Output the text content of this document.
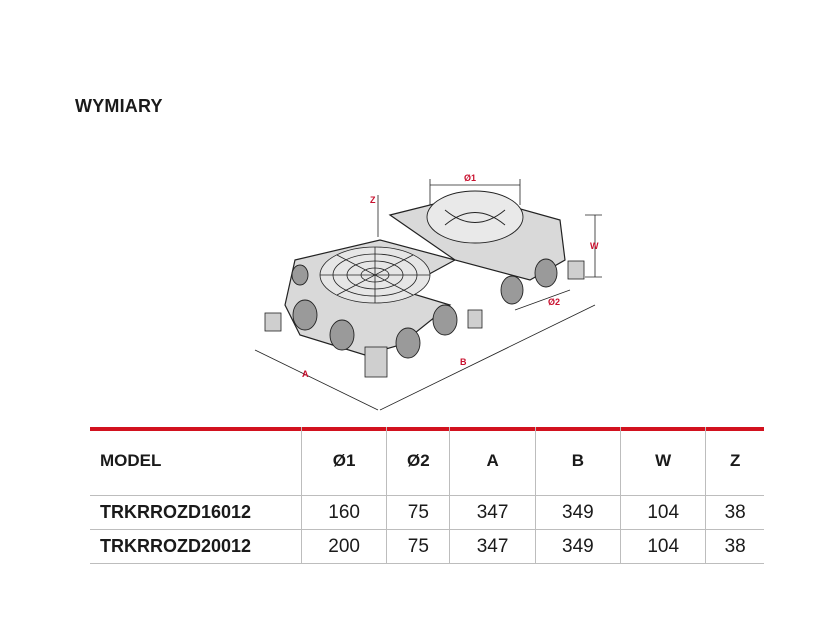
WYMIARY
Ø1
Ø2
A
B
W
Z
MODEL	Ø1	Ø2	A	B	W	Z
TRKRROZD16012	160	75	347	349	104	38
TRKRROZD20012	200	75	347	349	104	38
